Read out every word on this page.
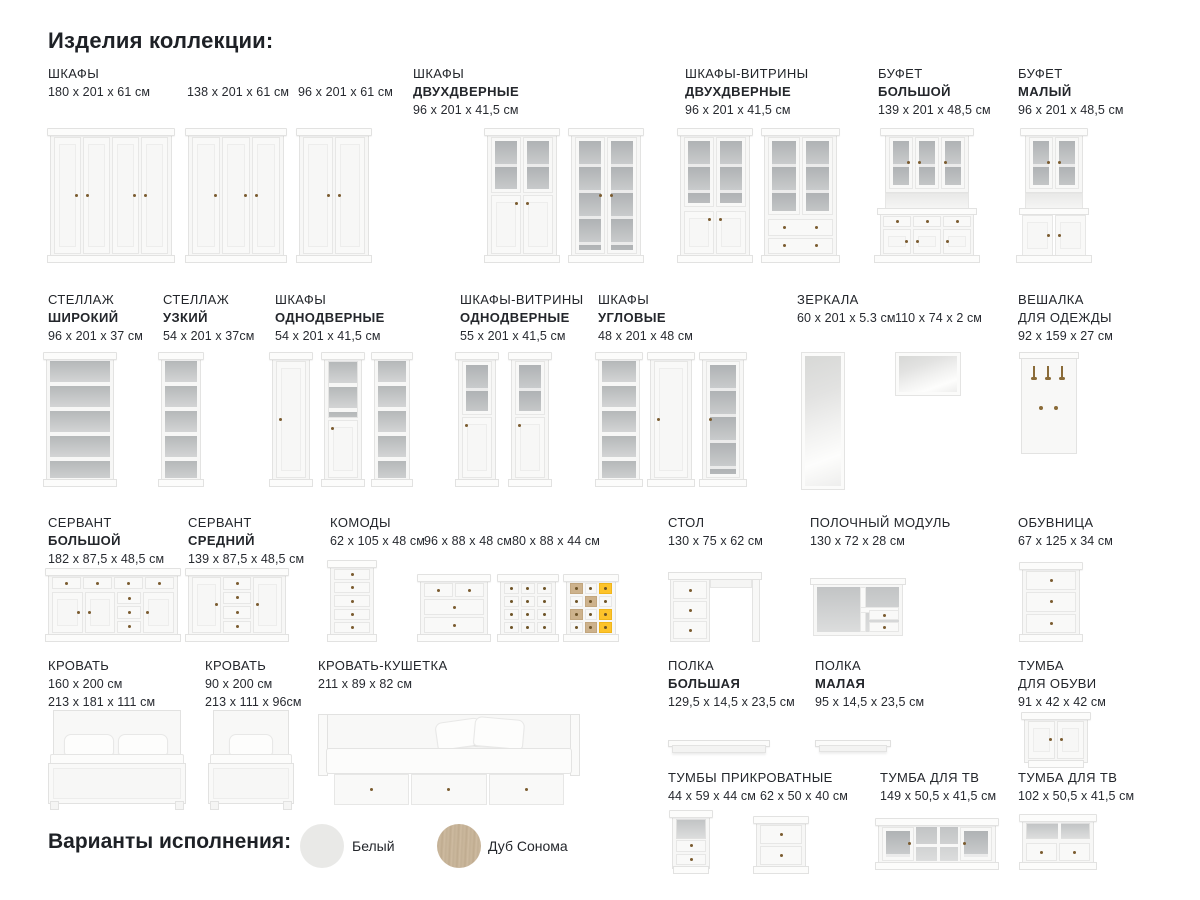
Изделия коллекции:
ШКАФЫ
180 x 201 x 61 см	138 x 201 x 61 см 96 x 201 x 61 см
ШКАФЫ
ДВУХДВЕРНЫЕ
96 x 201 x 41,5 см
ШКАФЫ-ВИТРИНЫ
ДВУХДВЕРНЫЕ
96 x 201 x 41,5 см
БУФЕТ
БОЛЬШОЙ
139 x 201 x 48,5 см
БУФЕТ
МАЛЫЙ
96 x 201 x 48,5 см
СТЕЛЛАЖ
ШИРОКИЙ
96 x 201 x 37 см
СТЕЛЛАЖ
УЗКИЙ
54 x 201 x 37см
ШКАФЫ
ОДНОДВЕРНЫЕ
54 x 201 x 41,5 см
ШКАФЫ-ВИТРИНЫ
ОДНОДВЕРНЫЕ
55 x 201 x 41,5 см
ШКАФЫ
УГЛОВЫЕ
48 x 201 x 48 см
ЗЕРКАЛА
60 x 201 x 5.3 см 110 x 74 x 2 см
ВЕШАЛКА
ДЛЯ ОДЕЖДЫ
92 x 159 x 27 см
СЕРВАНТ
БОЛЬШОЙ
182 x 87,5 x 48,5 см
СЕРВАНТ
СРЕДНИЙ
139 x 87,5 x 48,5 см
КОМОДЫ
62 x 105 x 48 см 96 x 88 x 48 см 80 x 88 x 44 см
СТОЛ
130 x 75 x 62 см
ПОЛОЧНЫЙ МОДУЛЬ
130 x 72 x 28 см
ОБУВНИЦА
67 x 125 x 34 см
КРОВАТЬ
160 x 200 см
213 x 181 x 111 см
КРОВАТЬ
90 x 200 см
213 x 111 x 96см
КРОВАТЬ-КУШЕТКА
211 x 89 x 82 см
ПОЛКА
БОЛЬШАЯ
129,5 x 14,5 x 23,5 см
ПОЛКА
МАЛАЯ
95 x 14,5 x 23,5 см
ТУМБА
ДЛЯ ОБУВИ
91 x 42 x 42 см
ТУМБЫ ПРИКРОВАТНЫЕ
44 x 59 x 44 см 62 x 50 x 40 см
ТУМБА ДЛЯ ТВ
149 x 50,5 x 41,5 см
ТУМБА ДЛЯ ТВ
102 x 50,5 x 41,5 см
Варианты исполнения:	Белый	Дуб Сонома
